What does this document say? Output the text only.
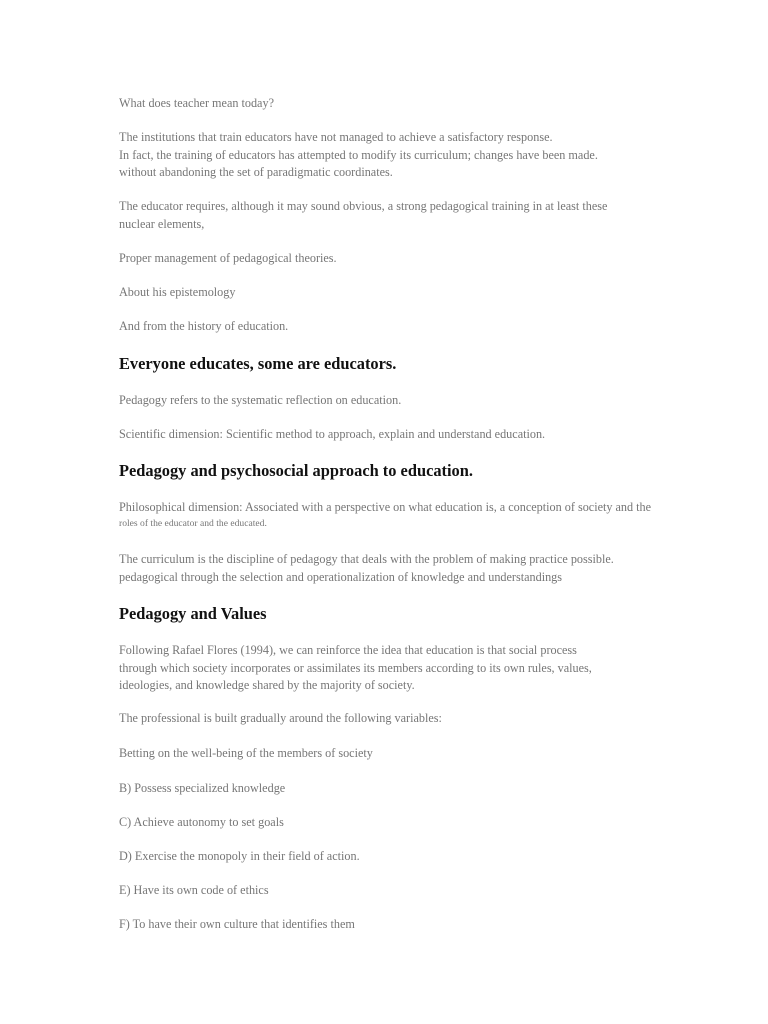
What does teacher mean today?

The institutions that train educators have not managed to achieve a satisfactory response.
In fact, the training of educators has attempted to modify its curriculum; changes have been made.
without abandoning the set of paradigmatic coordinates.

The educator requires, although it may sound obvious, a strong pedagogical training in at least these
nuclear elements,

Proper management of pedagogical theories.

About his epistemology

And from the history of education.

Everyone educates, some are educators.

Pedagogy refers to the systematic reflection on education.

Scientific dimension: Scientific method to approach, explain and understand education.

Pedagogy and psychosocial approach to education.

Philosophical dimension: Associated with a perspective on what education is, a conception of society and the
roles of the educator and the educated.

The curriculum is the discipline of pedagogy that deals with the problem of making practice possible.
pedagogical through the selection and operationalization of knowledge and understandings

Pedagogy and Values

Following Rafael Flores (1994), we can reinforce the idea that education is that social process
through which society incorporates or assimilates its members according to its own rules, values,
ideologies, and knowledge shared by the majority of society.

The professional is built gradually around the following variables:

Betting on the well-being of the members of society

B) Possess specialized knowledge

C) Achieve autonomy to set goals

D) Exercise the monopoly in their field of action.

E) Have its own code of ethics

F) To have their own culture that identifies them
